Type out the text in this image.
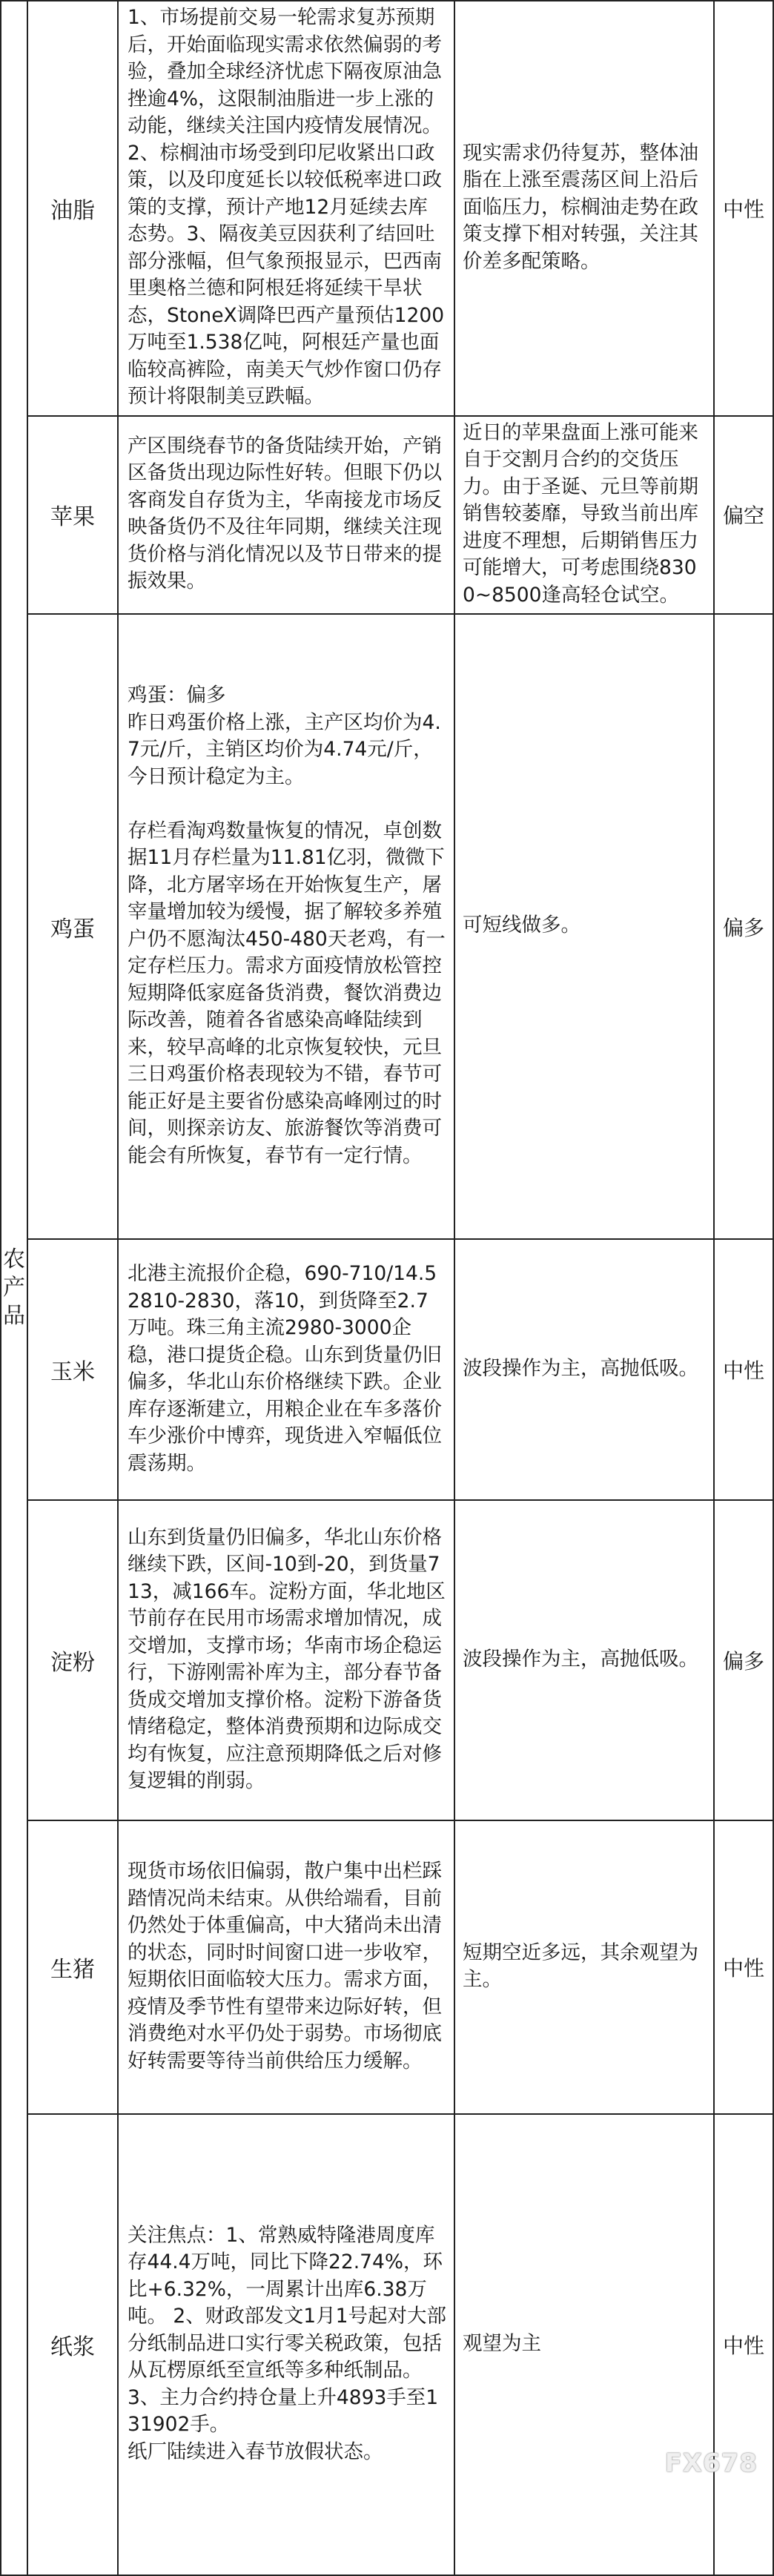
农产品	油脂	1、市场提前交易一轮需求复苏预期后，开始面临现实需求依然偏弱的考验，叠加全球经济忧虑下隔夜原油急挫逾4%，这限制油脂进一步上涨的动能，继续关注国内疫情发展情况。2、棕榈油市场受到印尼收紧出口政策，以及印度延长以较低税率进口政策的支撑，预计产地12月延续去库态势。3、隔夜美豆因获利了结回吐部分涨幅，但气象预报显示，巴西南里奥格兰德和阿根廷将延续干旱状态，StoneX调降巴西产量预估1200万吨至1.538亿吨，阿根廷产量也面临较高裤险，南美天气炒作窗口仍存预计将限制美豆跌幅。	现实需求仍待复苏，整体油脂在上涨至震荡区间上沿后面临压力，棕榈油走势在政策支撑下相对转强，关注其价差多配策略。	中性
	苹果	产区围绕春节的备货陆续开始，产销区备货出现边际性好转。但眼下仍以客商发自存货为主，华南接龙市场反映备货仍不及往年同期，继续关注现货价格与消化情况以及节日带来的提振效果。	近日的苹果盘面上涨可能来自于交割月合约的交货压力。由于圣诞、元旦等前期销售较萎靡，导致当前出库进度不理想，后期销售压力可能增大，可考虑围绕8300~8500逢高轻仓试空。	偏空
	鸡蛋	鸡蛋：偏多
昨日鸡蛋价格上涨，主产区均价为4.7元/斤，主销区均价为4.74元/斤，今日预计稳定为主。

存栏看淘鸡数量恢复的情况，卓创数据11月存栏量为11.81亿羽，微微下降，北方屠宰场在开始恢复生产，屠宰量增加较为缓慢，据了解较多养殖户仍不愿淘汰450-480天老鸡，有一定存栏压力。需求方面疫情放松管控短期降低家庭备货消费，餐饮消费边际改善，随着各省感染高峰陆续到来，较早高峰的北京恢复较快，元旦三日鸡蛋价格表现较为不错，春节可能正好是主要省份感染高峰刚过的时间，则探亲访友、旅游餐饮等消费可能会有所恢复，春节有一定行情。	可短线做多。	偏多
	玉米	北港主流报价企稳，690-710/14.5 2810-2830，落10，到货降至2.7万吨。珠三角主流2980-3000企稳，港口提货企稳。山东到货量仍旧偏多，华北山东价格继续下跌。企业库存逐渐建立，用粮企业在车多落价车少涨价中博弈，现货进入窄幅低位震荡期。	波段操作为主，高抛低吸。	中性
	淀粉	山东到货量仍旧偏多，华北山东价格继续下跌，区间-10到-20，到货量713，减166车。淀粉方面，华北地区节前存在民用市场需求增加情况，成交增加，支撑市场；华南市场企稳运行，下游刚需补库为主，部分春节备货成交增加支撑价格。淀粉下游备货情绪稳定，整体消费预期和边际成交均有恢复，应注意预期降低之后对修复逻辑的削弱。	波段操作为主，高抛低吸。	偏多
	生猪	现货市场依旧偏弱，散户集中出栏踩踏情况尚未结束。从供给端看，目前仍然处于体重偏高，中大猪尚未出清的状态，同时时间窗口进一步收窄，短期依旧面临较大压力。需求方面，疫情及季节性有望带来边际好转，但消费绝对水平仍处于弱势。市场彻底好转需要等待当前供给压力缓解。	短期空近多远，其余观望为主。	中性
	纸浆	关注焦点：1、常熟威特隆港周度库存44.4万吨，同比下降22.74%，环比+6.32%，一周累计出库6.38万吨。 2、财政部发文1月1号起对大部分纸制品进口实行零关税政策，包括从瓦楞原纸至宣纸等多种纸制品。 3、主力合约持仓量上升4893手至131902手。
纸厂陆续进入春节放假状态。	观望为主	中性
FX678
